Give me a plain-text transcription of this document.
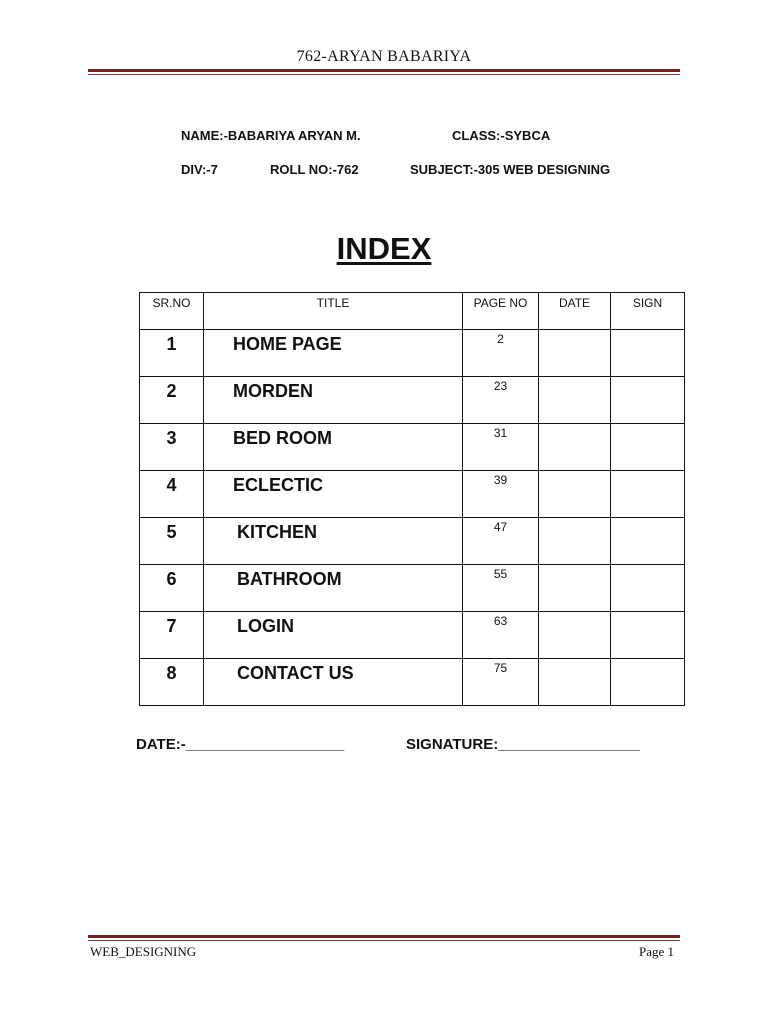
762-ARYAN BABARIYA
NAME:-BABARIYA ARYAN M.	CLASS:-SYBCA
DIV:-7	ROLL NO:-762	SUBJECT:-305 WEB DESIGNING
INDEX
SR.NO	TITLE	PAGE NO	DATE	SIGN
1	HOME PAGE	2		
2	MORDEN	23		
3	BED ROOM	31		
4	ECLECTIC	39		
5	KITCHEN	47		
6	BATHROOM	55		
7	LOGIN	63		
8	CONTACT US	75		
DATE:-___________________	SIGNATURE:_________________
WEB_DESIGNING	Page 1
